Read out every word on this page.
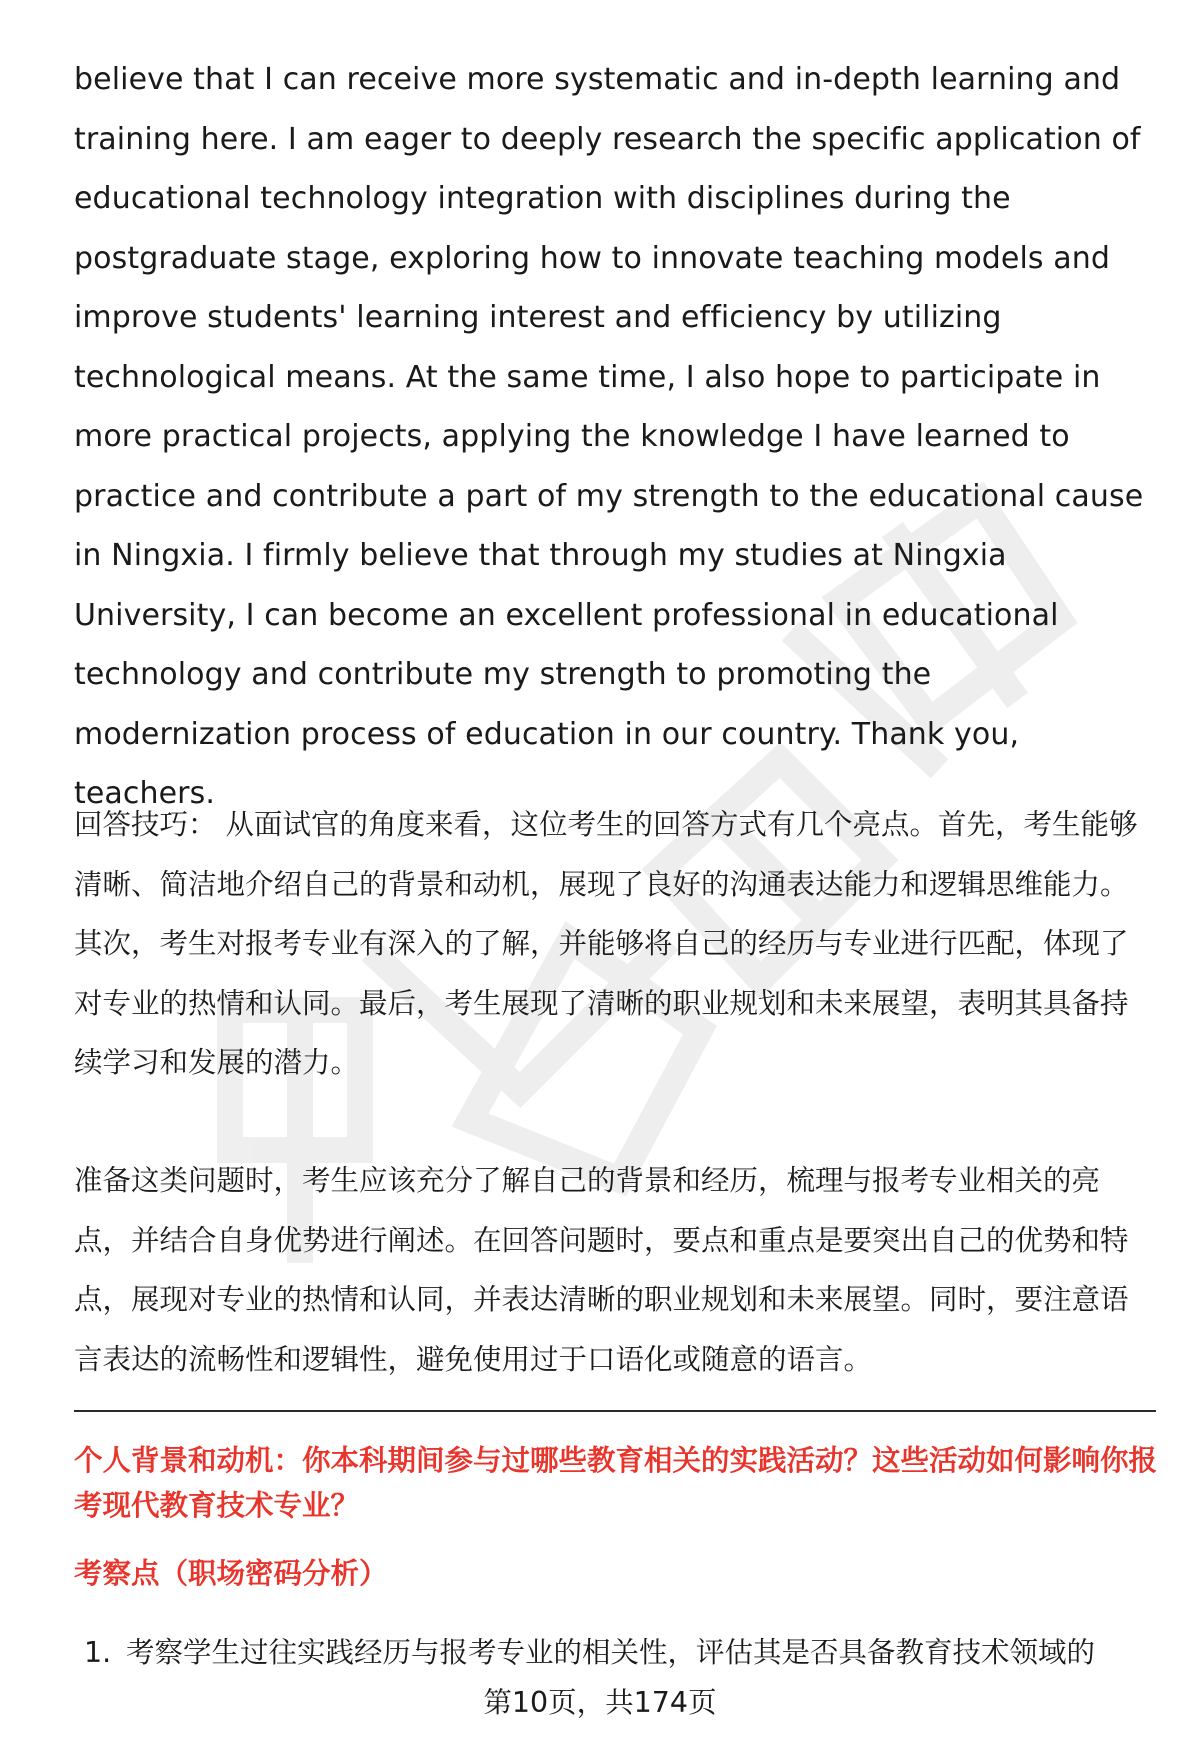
believe that I can receive more systematic and in-depth learning and training here. I am eager to deeply research the specific application of educational technology integration with disciplines during the postgraduate stage, exploring how to innovate teaching models and improve students' learning interest and efficiency by utilizing technological means. At the same time, I also hope to participate in more practical projects, applying the knowledge I have learned to practice and contribute a part of my strength to the educational cause in Ningxia. I firmly believe that through my studies at Ningxia University, I can become an excellent professional in educational technology and contribute my strength to promoting the modernization process of education in our country. Thank you, teachers.

回答技巧： 从面试官的角度来看，这位考生的回答方式有几个亮点。首先，考生能够清晰、简洁地介绍自己的背景和动机，展现了良好的沟通表达能力和逻辑思维能力。其次，考生对报考专业有深入的了解，并能够将自己的经历与专业进行匹配，体现了对专业的热情和认同。最后，考生展现了清晰的职业规划和未来展望，表明其具备持续学习和发展的潜力。

准备这类问题时，考生应该充分了解自己的背景和经历，梳理与报考专业相关的亮点，并结合自身优势进行阐述。在回答问题时，要点和重点是要突出自己的优势和特点，展现对专业的热情和认同，并表达清晰的职业规划和未来展望。同时，要注意语言表达的流畅性和逻辑性，避免使用过于口语化或随意的语言。

个人背景和动机：你本科期间参与过哪些教育相关的实践活动？这些活动如何影响你报考现代教育技术专业？

考察点（职场密码分析）

1. 考察学生过往实践经历与报考专业的相关性，评估其是否具备教育技术领域的

第10页，共174页
